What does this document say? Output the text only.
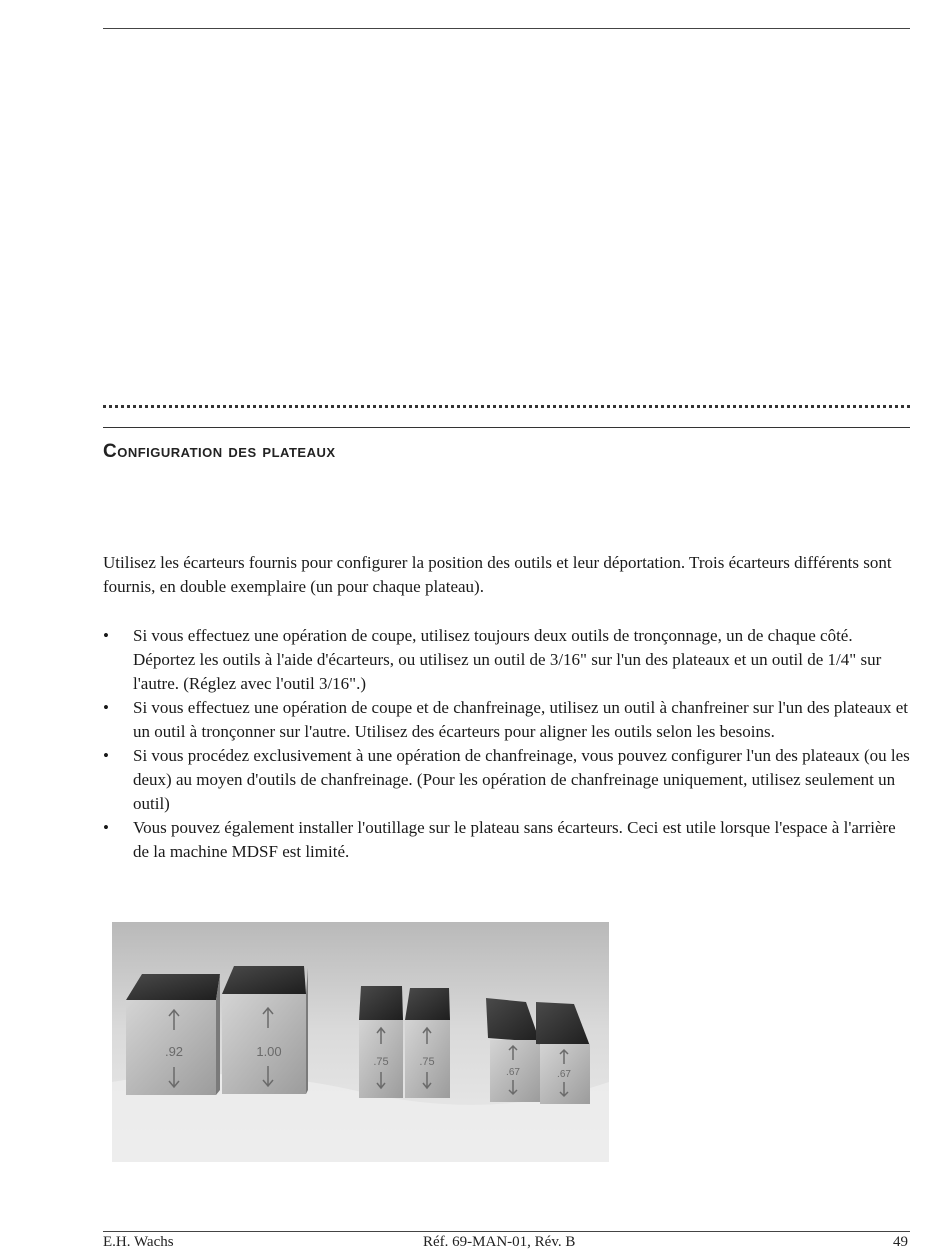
Configuration des plateaux

Utilisez les écarteurs fournis pour configurer la position des outils et leur déportation. Trois écarteurs différents sont fournis, en double exemplaire (un pour chaque plateau).

• Si vous effectuez une opération de coupe, utilisez toujours deux outils de tronçonnage, un de chaque côté. Déportez les outils à l'aide d'écarteurs, ou utilisez un outil de 3/16" sur l'un des plateaux et un outil de 1/4" sur l'autre. (Réglez avec l'outil 3/16".)
• Si vous effectuez une opération de coupe et de chanfreinage, utilisez un outil à chanfreiner sur l'un des plateaux et un outil à tronçonner sur l'autre. Utilisez des écarteurs pour aligner les outils selon les besoins.
• Si vous procédez exclusivement à une opération de chanfreinage, vous pouvez configurer l'un des plateaux (ou les deux) au moyen d'outils de chanfreinage. (Pour les opération de chanfreinage uniquement, utilisez seulement un outil)
• Vous pouvez également installer l'outillage sur le plateau sans écarteurs. Ceci est utile lorsque l'espace à l'arrière de la machine MDSF est limité.
.92	1.00
.75	.75
.67	.67
E.H. Wachs	Réf. 69-MAN-01, Rév. B	49
